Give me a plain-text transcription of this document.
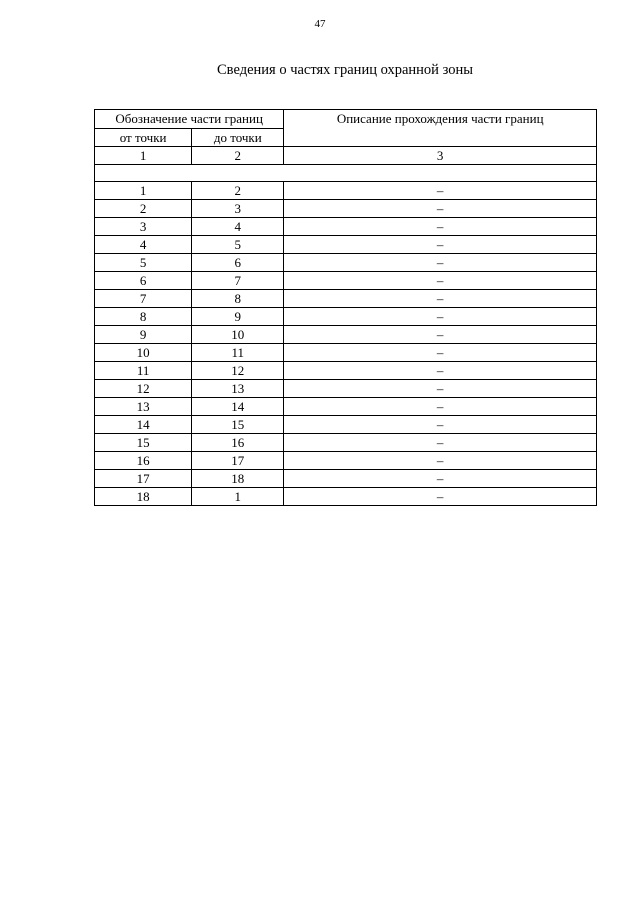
47
Сведения о частях границ охранной зоны
Обозначение части границ		Описание прохождения части границ
от точки	до точки	
1	2	3

1	2	–
2	3	–
3	4	–
4	5	–
5	6	–
6	7	–
7	8	–
8	9	–
9	10	–
10	11	–
11	12	–
12	13	–
13	14	–
14	15	–
15	16	–
16	17	–
17	18	–
18	1	–
